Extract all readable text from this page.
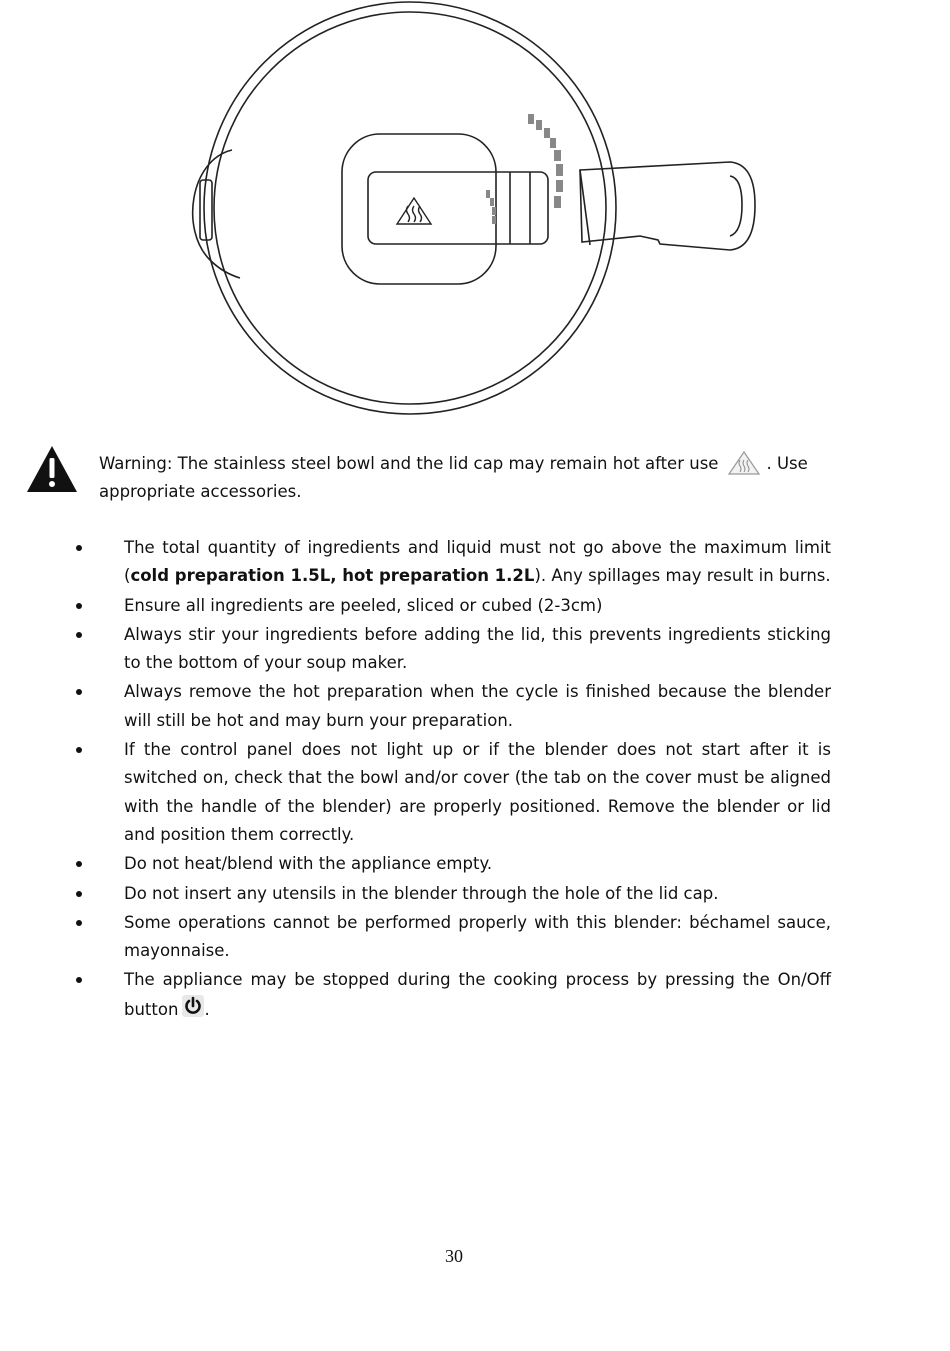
Warning: The stainless steel bowl and the lid cap may remain hot after use	. Use appropriate accessories.
The total quantity of ingredients and liquid must not go above the maximum limit (cold preparation 1.5L, hot preparation 1.2L). Any spillages may result in burns.
Ensure all ingredients are peeled, sliced or cubed (2-3cm)
Always stir your ingredients before adding the lid, this prevents ingredients sticking to the bottom of your soup maker.
Always remove the hot preparation when the cycle is finished because the blender will still be hot and may burn your preparation.
If the control panel does not light up or if the blender does not start after it is switched on, check that the bowl and/or cover (the tab on the cover must be aligned with the handle of the blender) are properly positioned. Remove the blender or lid and position them correctly.
Do not heat/blend with the appliance empty.
Do not insert any utensils in the blender through the hole of the lid cap.
Some operations cannot be performed properly with this blender: béchamel sauce, mayonnaise.
The appliance may be stopped during the cooking process by pressing the On/Off button .
30
